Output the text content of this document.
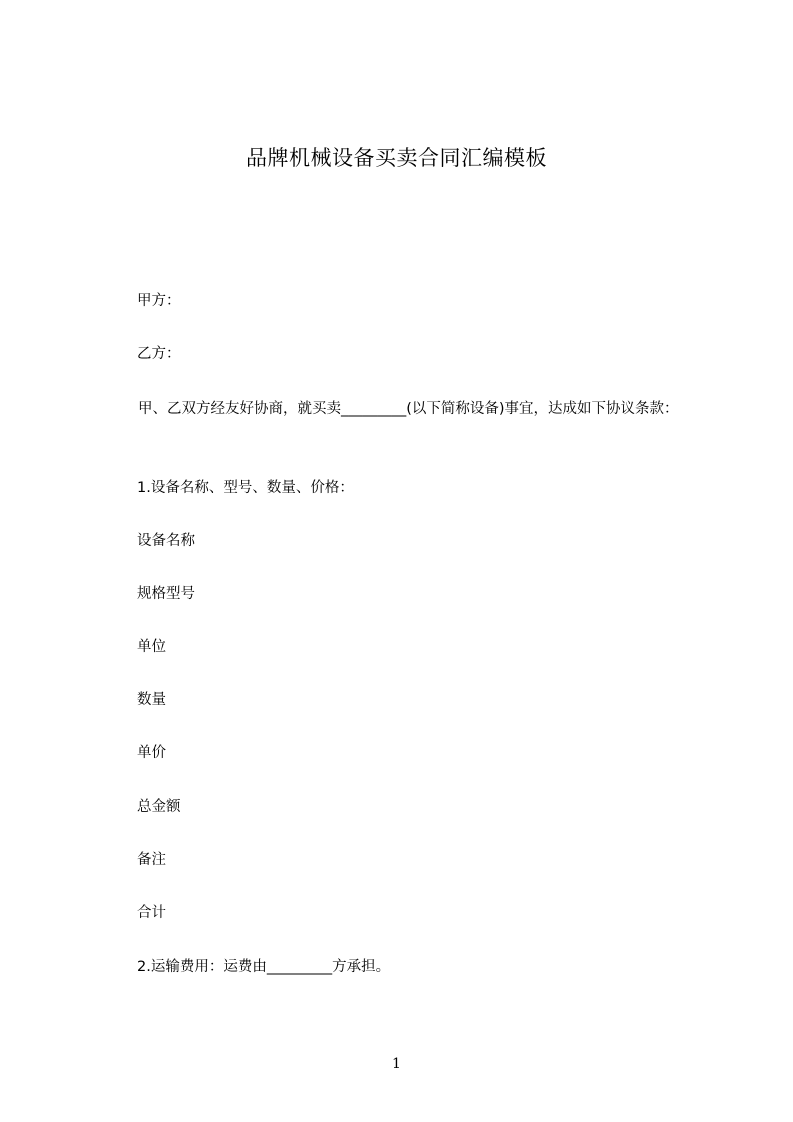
品牌机械设备买卖合同汇编模板
甲方：
乙方：
甲、乙双方经友好协商，就买卖_________(以下简称设备)事宜，达成如下协议条款：
1.设备名称、型号、数量、价格：
设备名称
规格型号
单位
数量
单价
总金额
备注
合计
2.运输费用：运费由_________方承担。
1
